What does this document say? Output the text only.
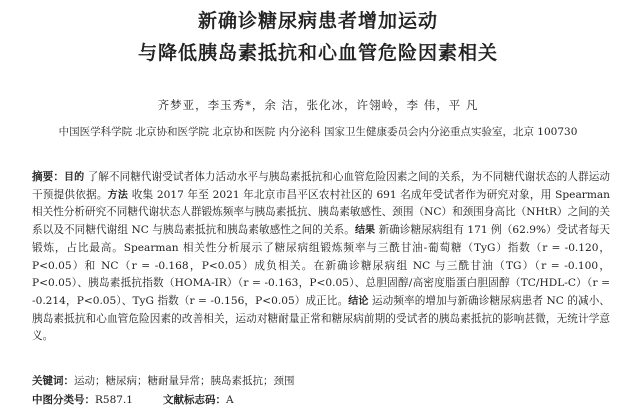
新确诊糖尿病患者增加运动
与降低胰岛素抵抗和心血管危险因素相关
齐梦亚，李玉秀*，余 洁，张化冰，许翎岭，李 伟，平 凡
中国医学科学院 北京协和医学院 北京协和医院 内分泌科 国家卫生健康委员会内分泌重点实验室，北京 100730
摘要：目的 了解不同糖代谢受试者体力活动水平与胰岛素抵抗和心血管危险因素之间的关系，为不同糖代谢状态的人群运动干预提供依据。方法 收集 2017 年至 2021 年北京市昌平区农村社区的 691 名成年受试者作为研究对象，用 Spearman 相关性分析研究不同糖代谢状态人群锻炼频率与胰岛素抵抗、胰岛素敏感性、颈围（NC）和颈围身高比（NHtR）之间的关系以及不同糖代谢组 NC 与胰岛素抵抗和胰岛素敏感性之间的关系。结果 新确诊糖尿病组有 171 例（62.9%）受试者每天锻炼，占比最高。Spearman 相关性分析展示了糖尿病组锻炼频率与三酰甘油-葡萄糖（TyG）指数（r = -0.120，P<0.05）和 NC（r = -0.168，P<0.05）成负相关。在新确诊糖尿病组 NC 与三酰甘油（TG）（r = -0.100，P<0.05）、胰岛素抵抗指数（HOMA-IR）（r = -0.163，P<0.05）、总胆固醇/高密度脂蛋白胆固醇（TC/HDL-C）（r = -0.214，P<0.05）、TyG 指数（r = -0.156，P<0.05）成正比。结论 运动频率的增加与新确诊糖尿病患者 NC 的减小、胰岛素抵抗和心血管危险因素的改善相关，运动对糖耐量正常和糖尿病前期的受试者的胰岛素抵抗的影响甚微，无统计学意义。
关键词：运动；糖尿病；糖耐量异常；胰岛素抵抗；颈围
中图分类号：R587.1	文献标志码：A
